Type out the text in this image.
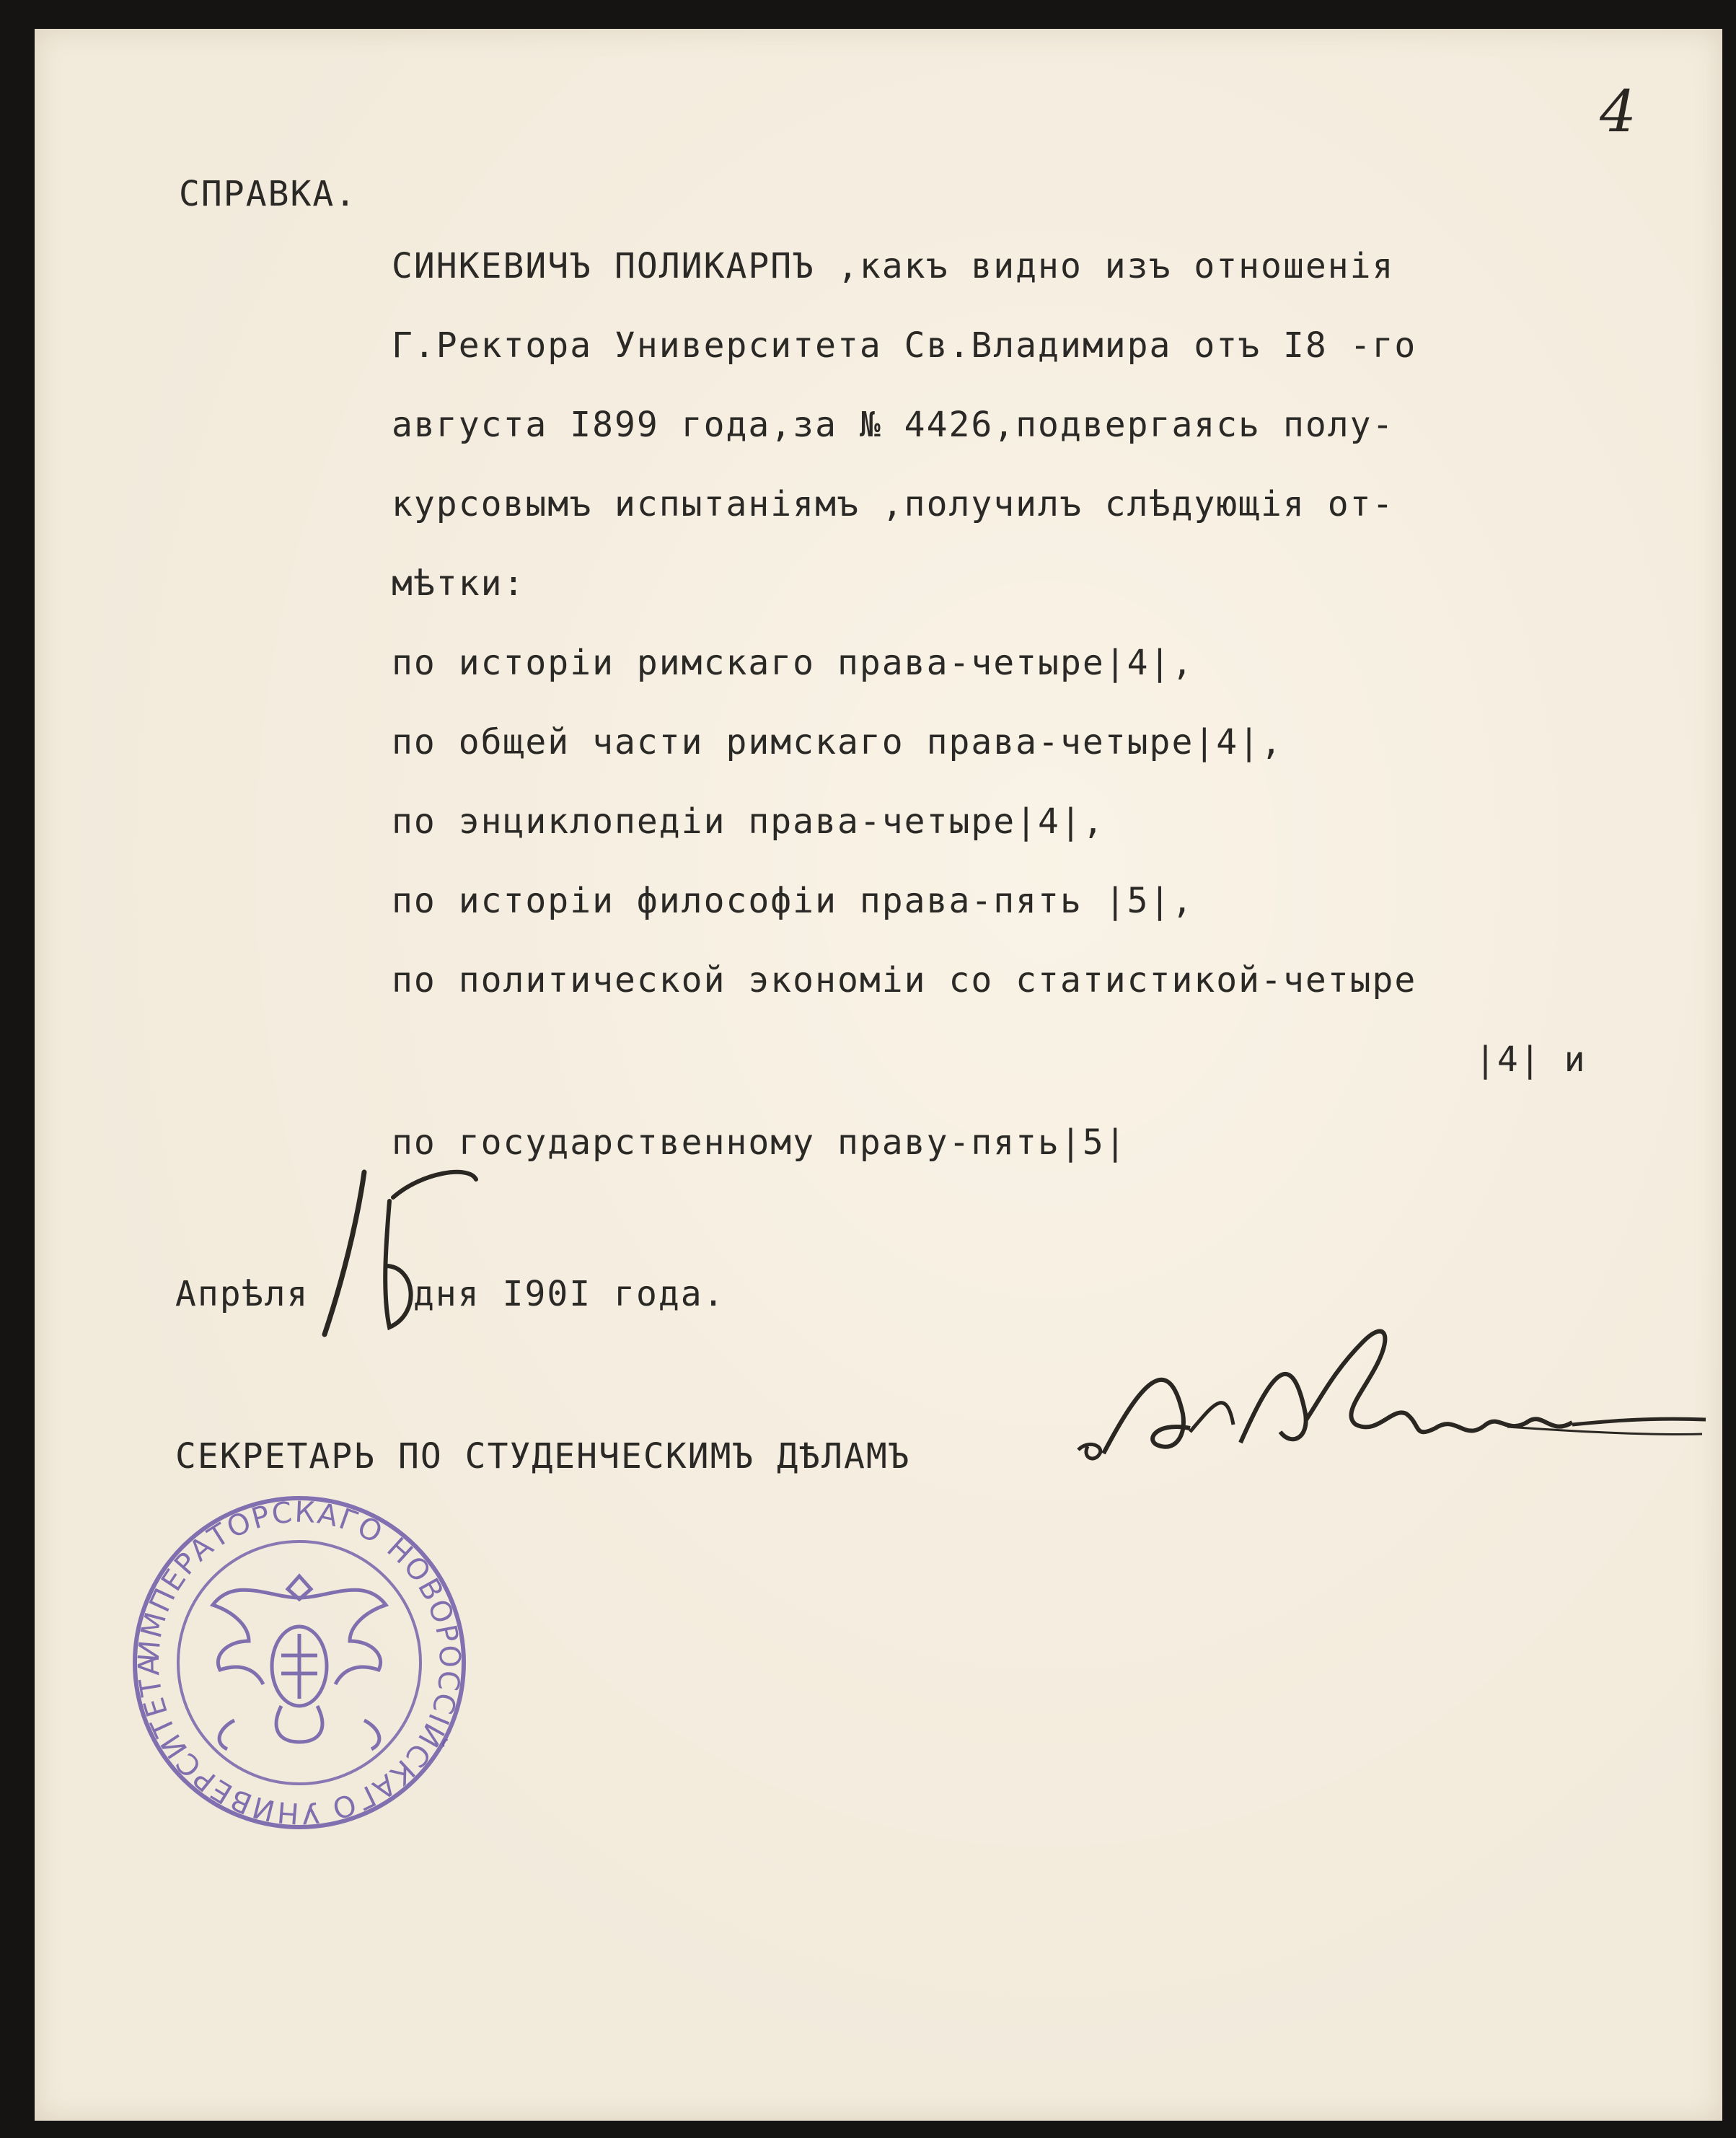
4
СПРАВКА.
СИНКЕВИЧЪ ПОЛИКАРПЪ ,какъ видно изъ отношенія
Г.Ректора Университета Св.Владимира отъ I8 -го
августа I899 года,за № 4426,подвергаясь полу-
курсовымъ испытаніямъ ,получилъ слѣдующія от-
мѣтки:
по исторіи римскаго права-четыре|4|,
по общей части римскаго права-четыре|4|,
по энциклопедіи права-четыре|4|,
по исторіи философіи права-пять |5|,
по политической экономіи со статистикой-четыре
|4| и
по государственному праву-пять|5|
Апрѣля	дня I90I года.
СЕКРЕТАРЬ ПО СТУДЕНЧЕСКИМЪ ДѢЛАМЪ
ИМПЕРАТОРСКАГО НОВОРОССІЙСКАГО УНИВЕРСИТЕТА
